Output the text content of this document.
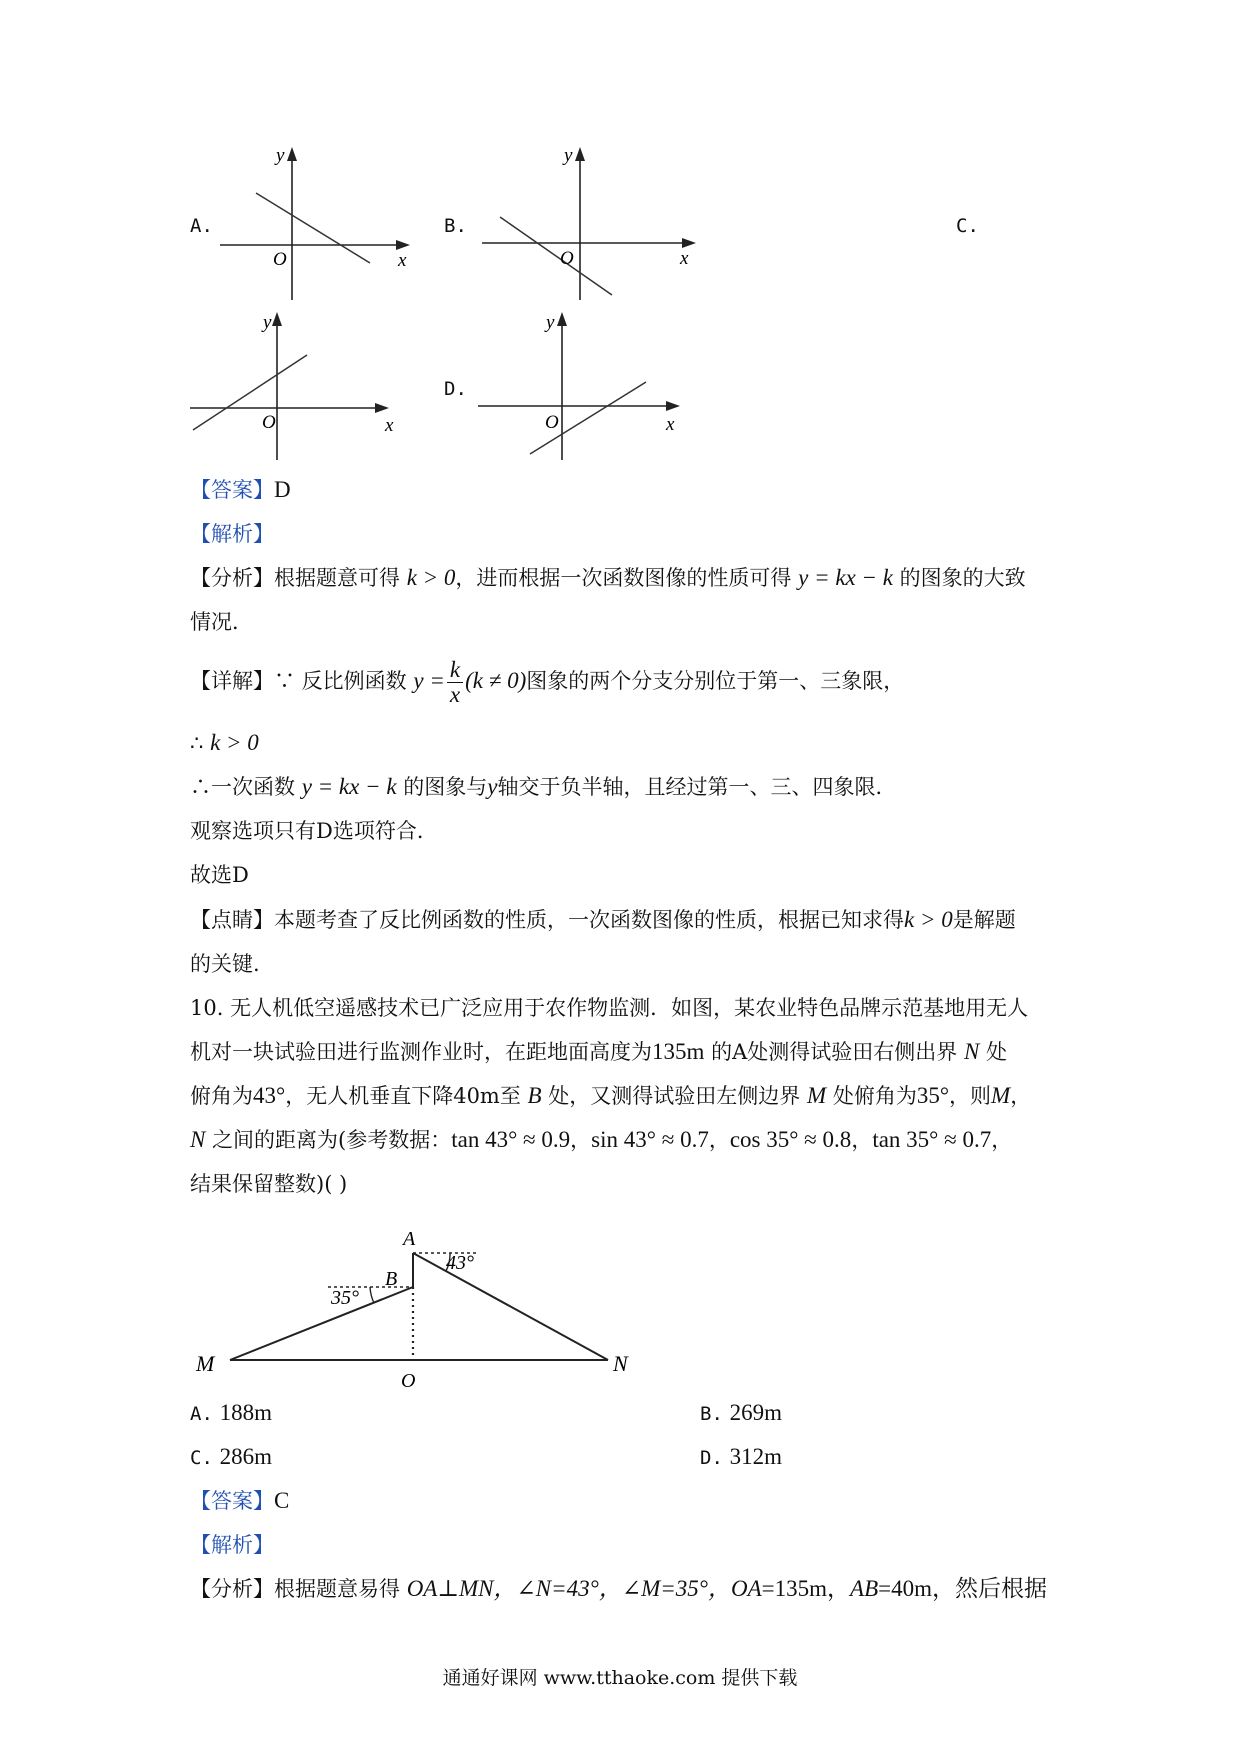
A.	B.	C.
D.
y
x
O
y
x
O
y
x
O
y
x
O
【答案】D
【解析】
【分析】根据题意可得 k > 0，进而根据一次函数图像的性质可得 y = kx − k 的图象的大致
情况．
【详解】∵ 反比例函数 $y = \frac{k}{x} (k \ne 0)$图象的两个分支分别位于第一、三象限，
∴ k > 0
∴一次函数 y = kx − k 的图象与y轴交于负半轴，且经过第一、三、四象限．
观察选项只有D选项符合．
故选D
【点睛】本题考查了反比例函数的性质，一次函数图像的性质，根据已知求得k > 0是解题
的关键.
10. 无人机低空遥感技术已广泛应用于农作物监测．如图，某农业特色品牌示范基地用无人
机对一块试验田进行监测作业时，在距地面高度为135m 的A处测得试验田右侧出界 N 处
俯角为43°，无人机垂直下降40m至 B 处，又测得试验田左侧边界 M 处俯角为35°，则M，
N 之间的距离为(参考数据：tan 43° ≈ 0.9，sin 43° ≈ 0.7，cos 35° ≈ 0.8，tan 35° ≈ 0.7，
结果保留整数)( )
A
B
M	N
O
35°
43°
A. 188m	B. 269m
C. 286m	D. 312m
【答案】C
【解析】
【分析】根据题意易得 OA⊥MN，∠N=43°，∠M=35°，OA=135m，AB=40m，然后根据
通通好课网 www.tthaoke.com 提供下载
